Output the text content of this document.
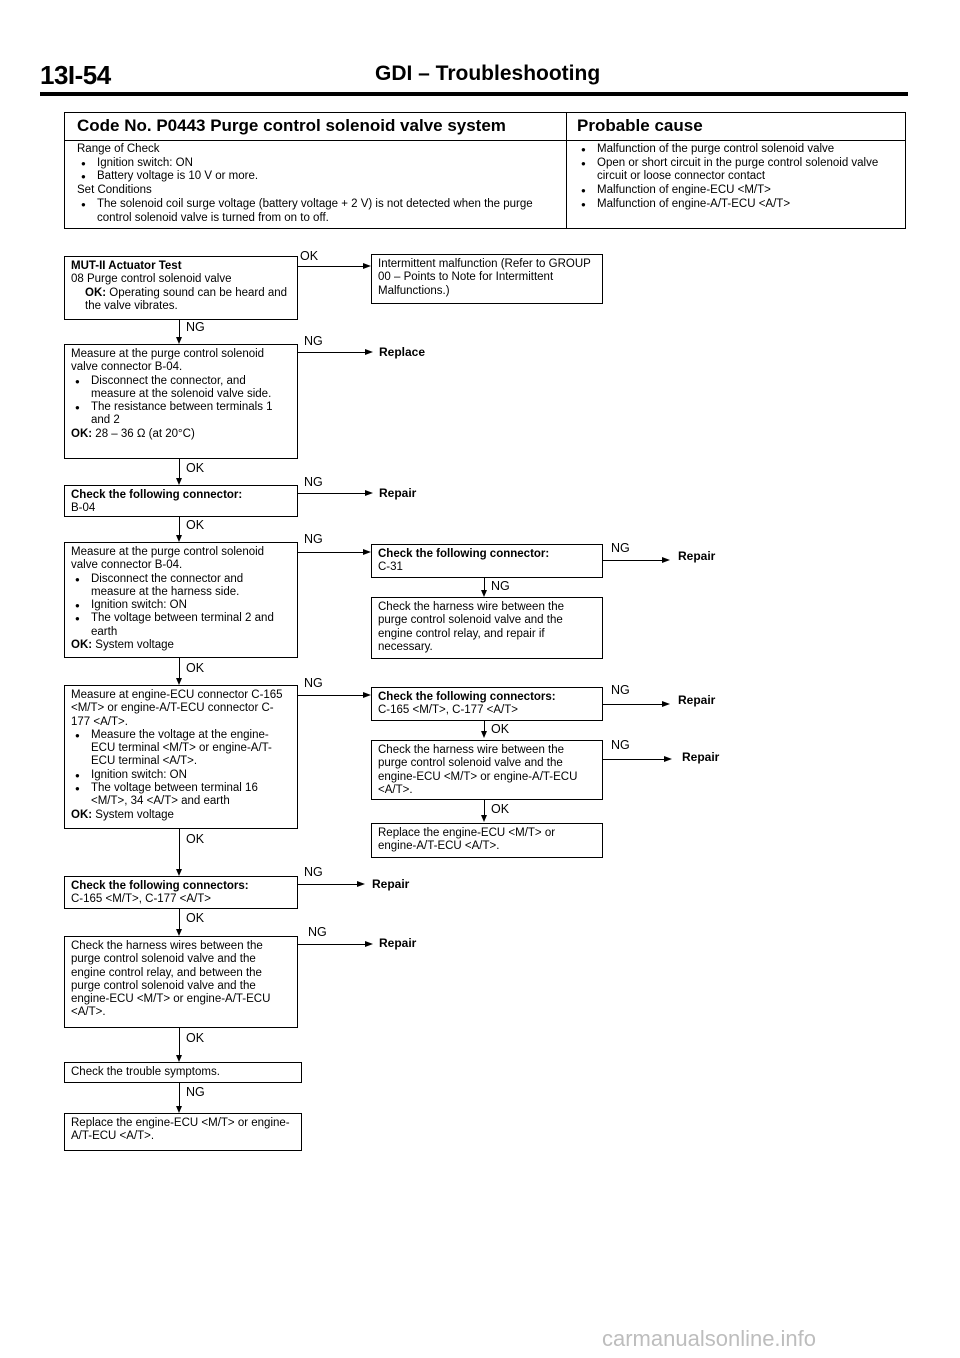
13I-54	GDI – Troubleshooting
Code No. P0443 Purge control solenoid valve system	Probable cause
Range of Check
● Ignition switch: ON
● Battery voltage is 10 V or more.
Set Conditions
● The solenoid coil surge voltage (battery voltage + 2 V) is not detected when the purge control solenoid valve is turned from on to off.
● Malfunction of the purge control solenoid valve
● Open or short circuit in the purge control solenoid valve circuit or loose connector contact
● Malfunction of engine-ECU <M/T>
● Malfunction of engine-A/T-ECU <A/T>
MUT-II Actuator Test
08 Purge control solenoid valve
OK: Operating sound can be heard and the valve vibrates.
Intermittent malfunction (Refer to GROUP 00 – Points to Note for Intermittent Malfunctions.)
Measure at the purge control solenoid valve connector B-04.
● Disconnect the connector, and measure at the solenoid valve side.
● The resistance between terminals 1 and 2
OK: 28 – 36 Ω (at 20°C)
Check the following connector:
B-04
Measure at the purge control solenoid valve connector B-04.
● Disconnect the connector and measure at the harness side.
● Ignition switch: ON
● The voltage between terminal 2 and earth
OK: System voltage
Check the following connector:
C-31
Check the harness wire between the purge control solenoid valve and the engine control relay, and repair if necessary.
Measure at engine-ECU connector C-165 <M/T> or engine-A/T-ECU connector C-177 <A/T>.
● Measure the voltage at the engine-ECU terminal <M/T> or engine-A/T-ECU terminal <A/T>.
● Ignition switch: ON
● The voltage between terminal 16 <M/T>, 34 <A/T> and earth
OK: System voltage
Check the following connectors:
C-165 <M/T>, C-177 <A/T>
Check the harness wire between the purge control solenoid valve and the engine-ECU <M/T> or engine-A/T-ECU <A/T>.
Replace the engine-ECU <M/T> or engine-A/T-ECU <A/T>.
Check the following connectors:
C-165 <M/T>, C-177 <A/T>
Check the harness wires between the purge control solenoid valve and the engine control relay, and between the purge control solenoid valve and the engine-ECU <M/T> or engine-A/T-ECU <A/T>.
Check the trouble symptoms.
Replace the engine-ECU <M/T> or engine-A/T-ECU <A/T>.
NG
OK
OK
OK
OK
OK
OK
NG
OK
NG
Replace
NG
Repair
NG
NG
NG
Repair
NG
Repair
NG
Repair
NG
NG
Repair
OK
NG
Repair
OK
carmanualsonline.info
